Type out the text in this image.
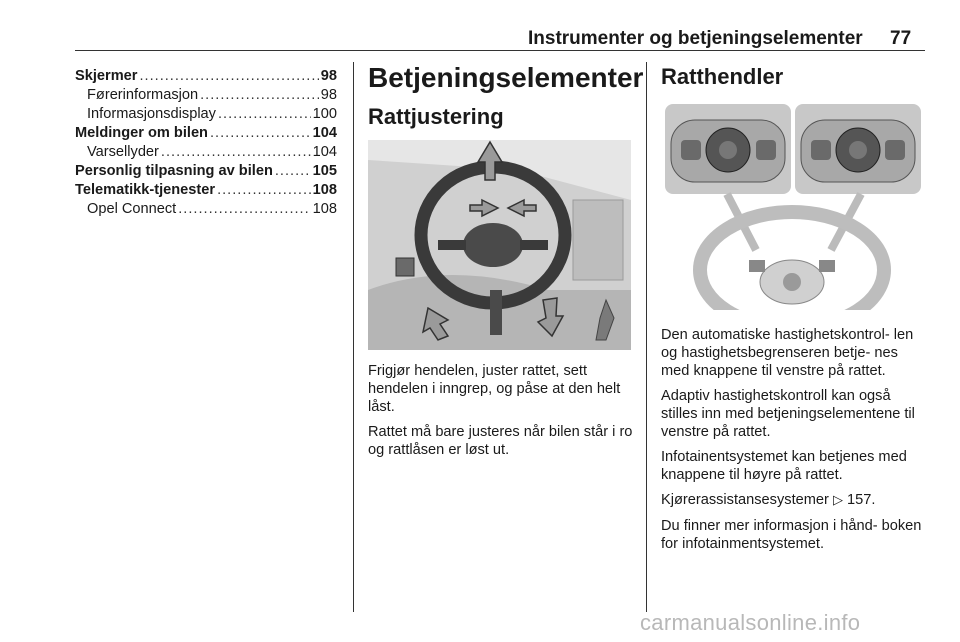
Instrumenter og betjeningselementer 77
Skjermer .....	98
Førerinformasjon .....	98
Informasjonsdisplay .....	100
Meldinger om bilen .....	104
Varsellyder .....	104
Personlig tilpasning av bilen .....	105
Telematikk-tjenester .....	108
Opel Connect .....	108
Betjeningselementer
Rattjustering

Frigjør hendelen, juster rattet, sett hendelen i inngrep, og påse at den helt låst.

Rattet må bare justeres når bilen står i ro og rattlåsen er løst ut.

Ratthendler

Den automatiske hastighetskontrol- len og hastighetsbegrenseren betje- nes med knappene til venstre på rattet.

Adaptiv hastighetskontroll kan også stilles inn med betjeningselementene til venstre på rattet.

Infotainentsystemet kan betjenes med knappene til høyre på rattet.

Kjørerassistansesystemer ▷ 157.

Du finner mer informasjon i hånd- boken for infotainmentsystemet.

carmanualsonline.info
